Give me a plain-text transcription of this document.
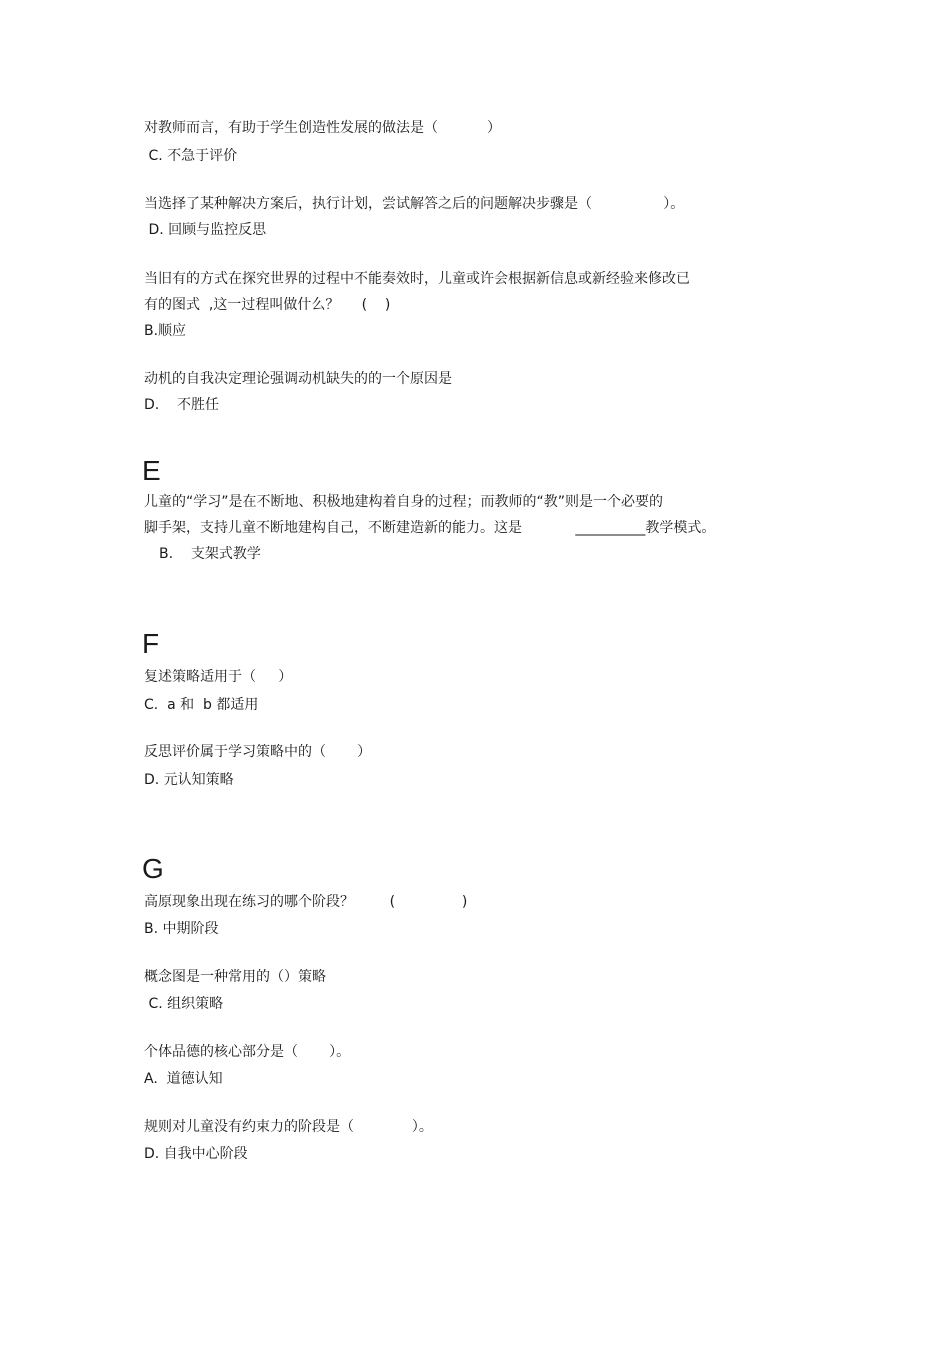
对教师而言，有助于学生创造性发展的做法是（           ）

C. 不急于评价

当选择了某种解决方案后，执行计划，尝试解答之后的问题解决步骤是（                ）。

D. 回顾与监控反思

当旧有的方式在探究世界的过程中不能奏效时，儿童或许会根据新信息或新经验来修改已

有的图式  ,这一过程叫做什么？     (    )

B.顺应

动机的自我决定理论强调动机缺失的的一个原因是

D.    不胜任

E

儿童的“学习”是在不断地、积极地建构着自身的过程；而教师的“教”则是一个必要的

脚手架，支持儿童不断地建构自己，不断建造新的能力。这是            __________教学模式。

B.    支架式教学

F

复述策略适用于（     ）

C.  a 和  b 都适用

反思评价属于学习策略中的（       ）

D. 元认知策略

G

高原现象出现在练习的哪个阶段？        (               )

B. 中期阶段

概念图是一种常用的（）策略

C. 组织策略

个体品德的核心部分是（       ）。

A.  道德认知

规则对儿童没有约束力的阶段是（             ）。

D. 自我中心阶段
